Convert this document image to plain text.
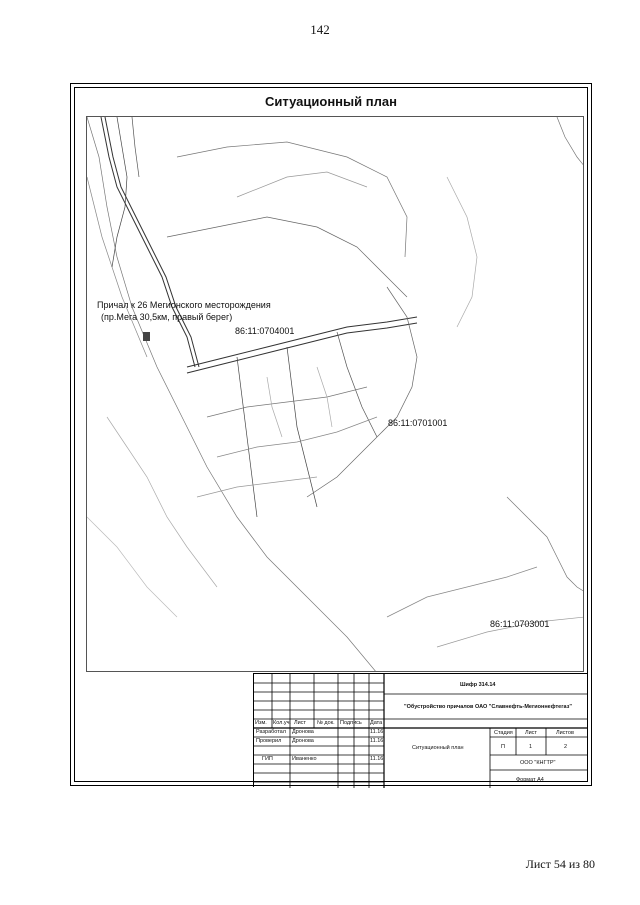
142
Ситуационный план
Причал к 26 Мегионского месторождения
(пр.Мега 30,5км, правый берег)
86:11:0704001
86:11:0701001
86:11:0703001
Шифр 314.14
"Обустройство причалов ОАО "Славнефть-Мегионнефтегаз"
Изм. Кол.уч. Лист № док. Подпись Дата
Разработал Дронова	11.16
Проверил Дронова	11.16
ГИП	Иваненко	11.16
Ситуационный план
Стадия Лист	Листов
П	1	2
ООО "КНГТР"
Формат А4
Лист 54 из 80
